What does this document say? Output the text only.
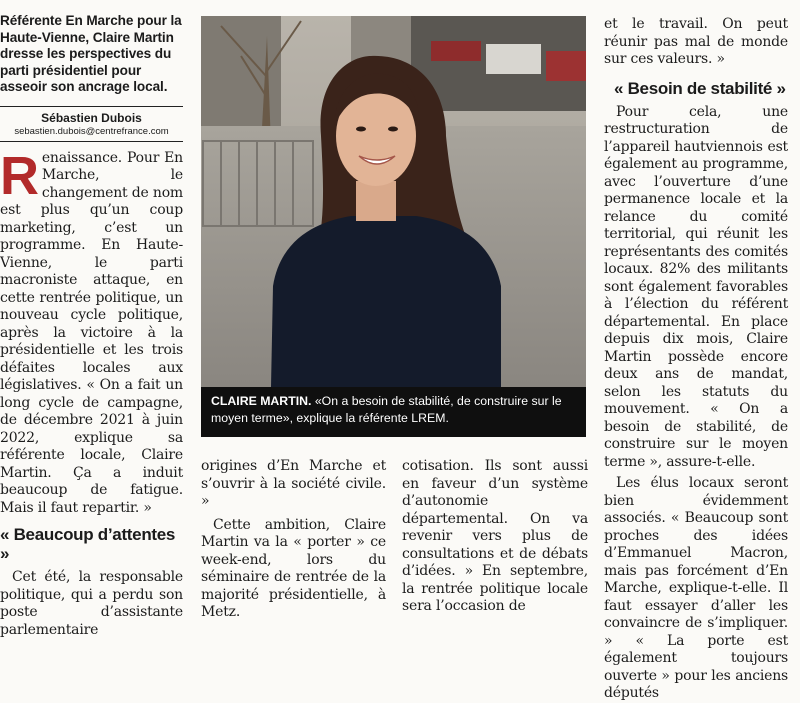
Référente En Marche pour la Haute-Vienne, Claire Martin dresse les perspectives du parti présidentiel pour asseoir son ancrage local.

Sébastien Dubois

sebastien.dubois@centrefrance.com

Renaissance. Pour En Marche, le changement de nom est plus qu’un coup marketing, c’est un programme. En Haute-Vienne, le parti macroniste attaque, en cette rentrée politique, un nouveau cycle politique, après la victoire à la présidentielle et les trois défaites locales aux législatives. « On a fait un long cycle de campagne, de décembre 2021 à juin 2022, explique sa référente locale, Claire Martin. Ça a induit beaucoup de fatigue. Mais il faut repartir. »

« Beaucoup d’attentes »

Cet été, la responsable politique, qui a perdu son poste d’assistante parlementaire

CLAIRE MARTIN. «On a besoin de stabilité, de construire sur le moyen terme», explique la référente LREM.

origines d’En Marche et s’ouvrir à la société civile. »

Cette ambition, Claire Martin va la « porter » ce week-end, lors du séminaire de rentrée de la majorité présidentielle, à Metz.

cotisation. Ils sont aussi en faveur d’un système d’autonomie départemental. On va revenir vers plus de consultations et de débats d’idées. » En septembre, la rentrée politique locale sera l’occasion de

et le travail. On peut réunir pas mal de monde sur ces valeurs. »

« Besoin de stabilité »

Pour cela, une restructuration de l’appareil hautviennois est également au programme, avec l’ouverture d’une permanence locale et la relance du comité territorial, qui réunit les représentants des comités locaux. 82% des militants sont également favorables à l’élection du référent départemental. En place depuis dix mois, Claire Martin possède encore deux ans de mandat, selon les statuts du mouvement. « On a besoin de stabilité, de construire sur le moyen terme », assure-t-elle.

Les élus locaux seront bien évidemment associés. « Beaucoup sont proches des idées d’Emmanuel Macron, mais pas forcément d’En Marche, explique-t-elle. Il faut essayer d’aller les convaincre de s’impliquer. » « La porte est également toujours ouverte » pour les anciens députés
